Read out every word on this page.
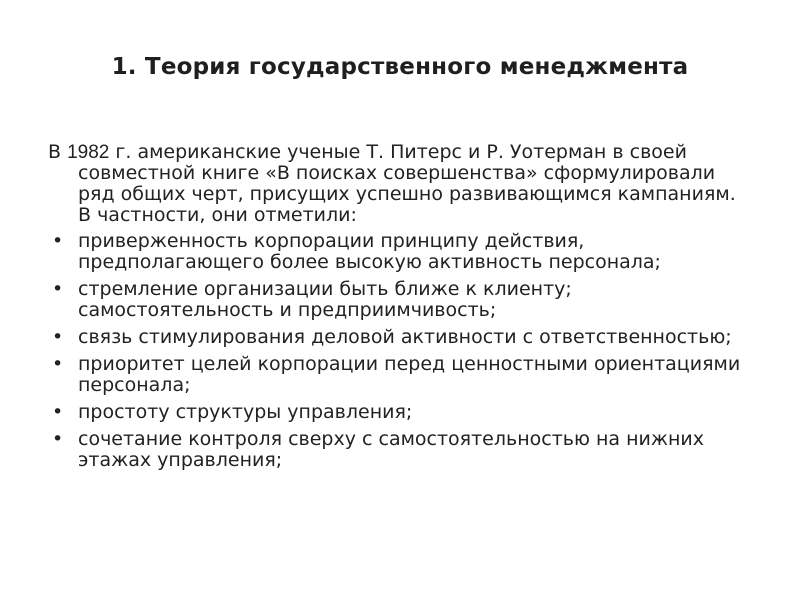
1. Теория государственного менеджмента

В 1982 г. американские ученые Т. Питерс и Р. Уотерман в своей совместной книге «В поисках совершенства» сформулировали ряд общих черт, присущих успешно развивающимся кампаниям. В частности, они отметили:

• приверженность корпорации принципу действия, предполагающего более высокую активность персонала;
• стремление организации быть ближе к клиенту; самостоятельность и предприимчивость;
• связь стимулирования деловой активности с ответственностью;
• приоритет целей корпорации перед ценностными ориентациями персонала;
• простоту структуры управления;
• сочетание контроля сверху с самостоятельностью на нижних этажах управления;
